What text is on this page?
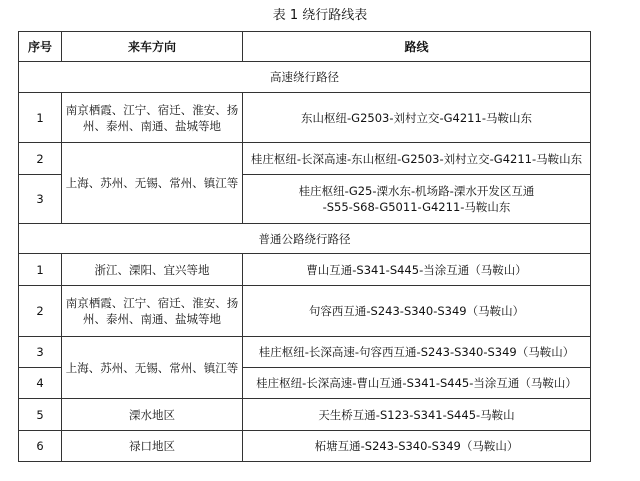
表 1 绕行路线表
序号	来车方向	路线
高速绕行路径		
1	南京栖霞、江宁、宿迁、淮安、扬州、泰州、南通、盐城等地	东山枢纽-G2503-刘村立交-G4211-马鞍山东
2	上海、苏州、无锡、常州、镇江等	桂庄枢纽-长深高速-东山枢纽-G2503-刘村立交-G4211-马鞍山东
3		桂庄枢纽-G25-溧水东-机场路-溧水开发区互通
-S55-S68-G5011-G4211-马鞍山东

普通公路绕行路径		
1	浙江、溧阳、宜兴等地	曹山互通-S341-S445-当涂互通（马鞍山）
2	南京栖霞、江宁、宿迁、淮安、扬州、泰州、南通、盐城等地	句容西互通-S243-S340-S349（马鞍山）
3	上海、苏州、无锡、常州、镇江等	桂庄枢纽-长深高速-句容西互通-S243-S340-S349（马鞍山）
4		桂庄枢纽-长深高速-曹山互通-S341-S445-当涂互通（马鞍山）
5	溧水地区	天生桥互通-S123-S341-S445-马鞍山
6	禄口地区	柘塘互通-S243-S340-S349（马鞍山）
